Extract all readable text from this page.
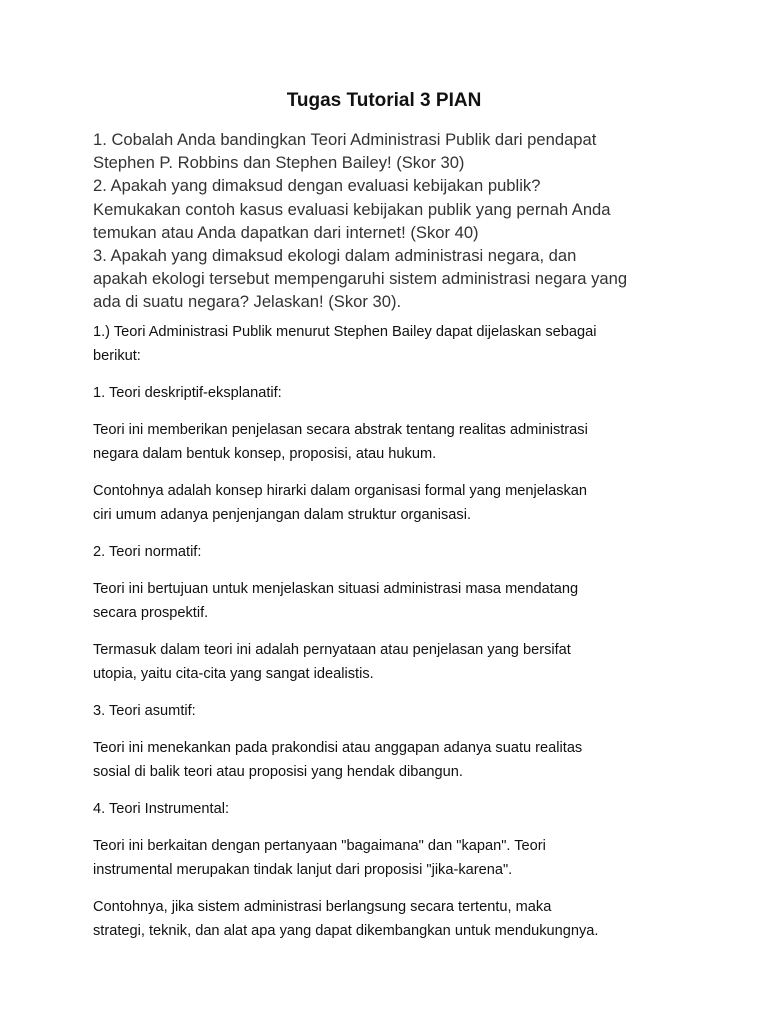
Tugas Tutorial 3 PIAN

1. Cobalah Anda bandingkan Teori Administrasi Publik dari pendapat

Stephen P. Robbins dan Stephen Bailey! (Skor 30)

2. Apakah yang dimaksud dengan evaluasi kebijakan publik?

Kemukakan contoh kasus evaluasi kebijakan publik yang pernah Anda

temukan atau Anda dapatkan dari internet! (Skor 40)

3. Apakah yang dimaksud ekologi dalam administrasi negara, dan

apakah ekologi tersebut mempengaruhi sistem administrasi negara yang

ada di suatu negara? Jelaskan! (Skor 30).

1.) Teori Administrasi Publik menurut Stephen Bailey dapat dijelaskan sebagai
berikut:
1. Teori deskriptif-eksplanatif:
Teori ini memberikan penjelasan secara abstrak tentang realitas administrasi
negara dalam bentuk konsep, proposisi, atau hukum.
Contohnya adalah konsep hirarki dalam organisasi formal yang menjelaskan
ciri umum adanya penjenjangan dalam struktur organisasi.
2. Teori normatif:
Teori ini bertujuan untuk menjelaskan situasi administrasi masa mendatang
secara prospektif.
Termasuk dalam teori ini adalah pernyataan atau penjelasan yang bersifat
utopia, yaitu cita-cita yang sangat idealistis.
3. Teori asumtif:
Teori ini menekankan pada prakondisi atau anggapan adanya suatu realitas
sosial di balik teori atau proposisi yang hendak dibangun.
4. Teori Instrumental:
Teori ini berkaitan dengan pertanyaan "bagaimana" dan "kapan". Teori
instrumental merupakan tindak lanjut dari proposisi "jika-karena".
Contohnya, jika sistem administrasi berlangsung secara tertentu, maka
strategi, teknik, dan alat apa yang dapat dikembangkan untuk mendukungnya.
